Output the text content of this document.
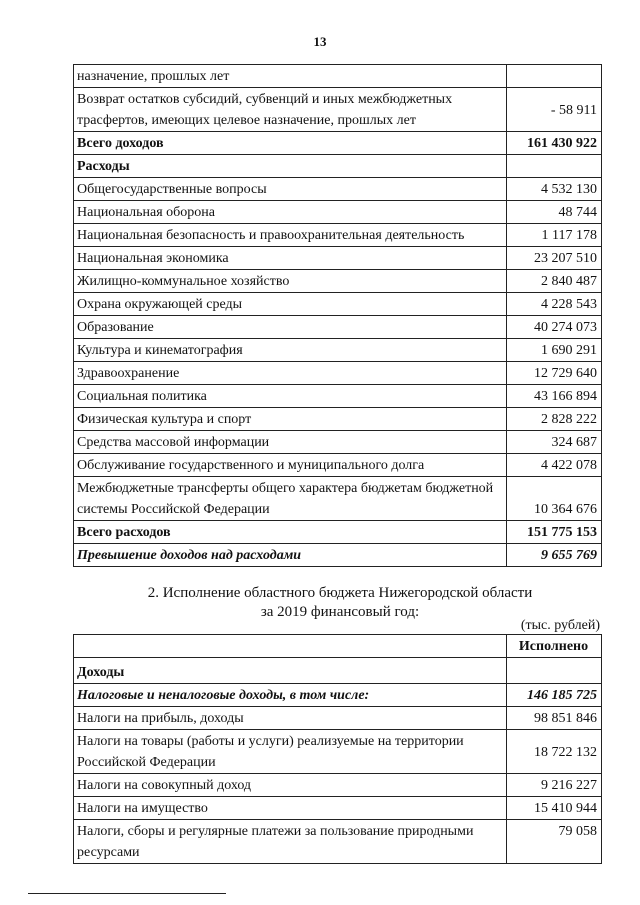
13
назначение, прошлых лет	
Возврат остатков субсидий, субвенций и иных межбюджетных трасфертов, имеющих целевое назначение, прошлых лет	- 58 911
Всего доходов	161 430 922
Расходы	
Общегосударственные вопросы	4 532 130
Национальная оборона	48 744
Национальная безопасность и правоохранительная деятельность	1 117 178
Национальная экономика	23 207 510
Жилищно-коммунальное хозяйство	2 840 487
Охрана окружающей среды	4 228 543
Образование	40 274 073
Культура и кинематография	1 690 291
Здравоохранение	12 729 640
Социальная политика	43 166 894
Физическая культура и спорт	2 828 222
Средства массовой информации	324 687
Обслуживание государственного и муниципального долга	4 422 078
Межбюджетные трансферты общего характера бюджетам бюджетной системы Российской Федерации	10 364 676
Всего расходов	151 775 153
Превышение доходов над расходами	9 655 769
2. Исполнение областного бюджета Нижегородской области
за 2019 финансовый год:
(тыс. рублей)
	Исполнено
Доходы	
Налоговые и неналоговые доходы, в том числе:	146 185 725
Налоги на прибыль, доходы	98 851 846
Налоги на товары (работы и услуги) реализуемые на территории Российской Федерации	18 722 132
Налоги на совокупный доход	9 216 227
Налоги на имущество	15 410 944
Налоги, сборы и регулярные платежи за пользование природными ресурсами	79 058
